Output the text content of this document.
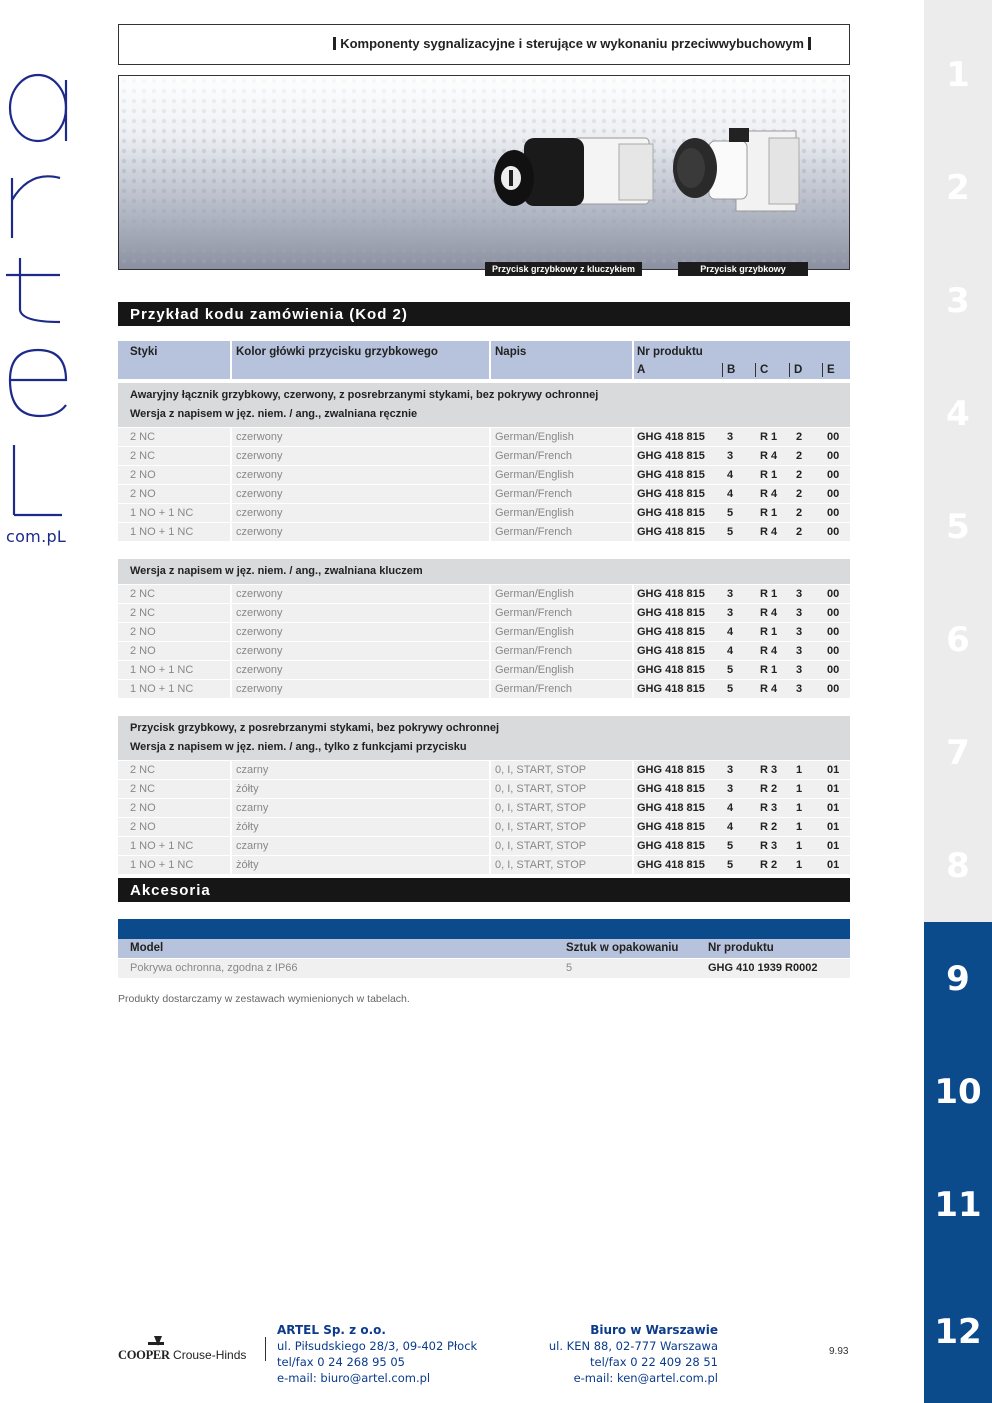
com.pL
1
2
3
4
5
6
7
8
9
10
11
12
Komponenty sygnalizacyjne i sterujące w wykonaniu przeciwwybuchowym
Przycisk grzybkowy z kluczykiem	Przycisk grzybkowy
Przykład kodu zamówienia (Kod 2)
Styki	Kolor główki przycisku grzybkowego	Napis	Nr produktu
A	B C D E
Awaryjny łącznik grzybkowy, czerwony, z posrebrzanymi stykami, bez pokrywy ochronnej
Wersja z napisem w jęz. niem. / ang., zwalniana ręcznie
2 NC	czerwony	German/English	GHG 418 815 3 R 1 2 00
2 NC	czerwony	German/French	GHG 418 815 3 R 4 2 00
2 NO	czerwony	German/English	GHG 418 815 4 R 1 2 00
2 NO	czerwony	German/French	GHG 418 815 4 R 4 2 00
1 NO + 1 NC	czerwony	German/English	GHG 418 815 5 R 1 2 00
1 NO + 1 NC	czerwony	German/French	GHG 418 815 5 R 4 2 00
Wersja z napisem w jęz. niem. / ang., zwalniana kluczem
2 NC	czerwony	German/English	GHG 418 815 3 R 1 3 00
2 NC	czerwony	German/French	GHG 418 815 3 R 4 3 00
2 NO	czerwony	German/English	GHG 418 815 4 R 1 3 00
2 NO	czerwony	German/French	GHG 418 815 4 R 4 3 00
1 NO + 1 NC	czerwony	German/English	GHG 418 815 5 R 1 3 00
1 NO + 1 NC	czerwony	German/French	GHG 418 815 5 R 4 3 00
Przycisk grzybkowy, z posrebrzanymi stykami, bez pokrywy ochronnej
Wersja z napisem w jęz. niem. / ang., tylko z funkcjami przycisku
2 NC	czarny	0, I, START, STOP	GHG 418 815 3 R 3 1 01
2 NC	żółty	0, I, START, STOP	GHG 418 815 3 R 2 1 01
2 NO	czarny	0, I, START, STOP	GHG 418 815 4 R 3 1 01
2 NO	żółty	0, I, START, STOP	GHG 418 815 4 R 2 1 01
1 NO + 1 NC	czarny	0, I, START, STOP	GHG 418 815 5 R 3 1 01
1 NO + 1 NC	żółty	0, I, START, STOP	GHG 418 815 5 R 2 1 01
Akcesoria
Model	Sztuk w opakowaniu	Nr produktu
Pokrywa ochronna, zgodna z IP66	5	GHG 410 1939 R0002
Produkty dostarczamy w zestawach wymienionych w tabelach.
COOPER Crouse-Hinds
ARTEL Sp. z o.o.
ul. Piłsudskiego 28/3, 09-402 Płock
tel/fax 0 24 268 95 05
e-mail: biuro@artel.com.pl
Biuro w Warszawie
ul. KEN 88, 02-777 Warszawa
tel/fax 0 22 409 28 51
e-mail: ken@artel.com.pl
9.93
